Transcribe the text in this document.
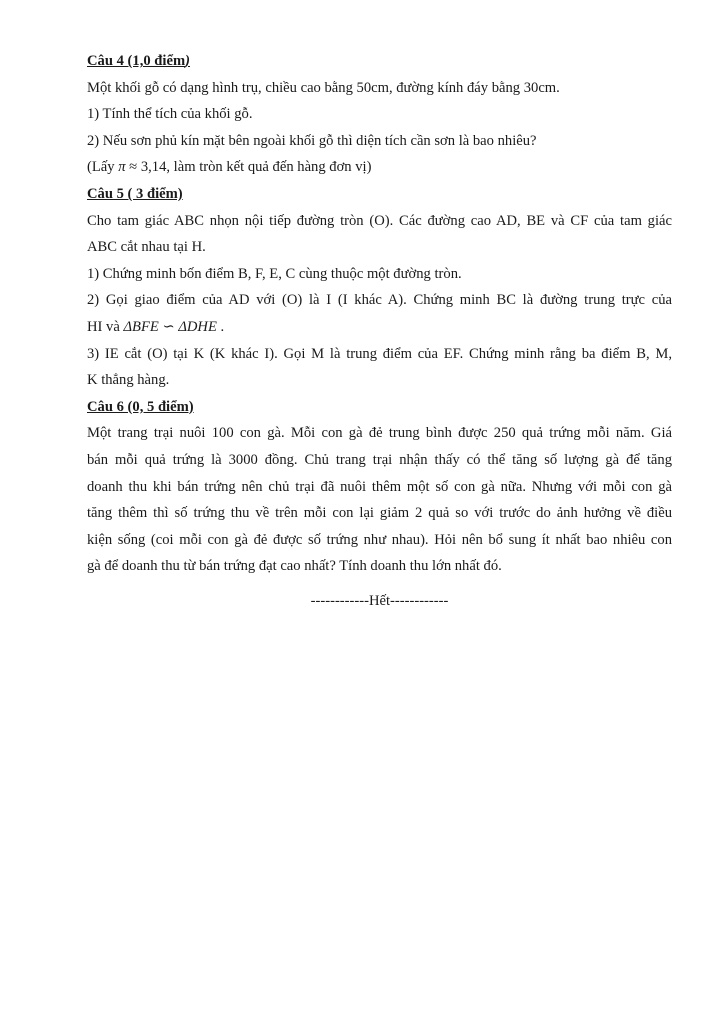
Câu 4 (1,0 điểm)
Một khối gỗ có dạng hình trụ, chiều cao bằng 50cm, đường kính đáy bằng 30cm.
1) Tính thể tích của khối gỗ.
2) Nếu sơn phủ kín mặt bên ngoài khối gỗ thì diện tích cần sơn là bao nhiêu?
(Lấy π ≈ 3,14, làm tròn kết quả đến hàng đơn vị)
Câu 5 ( 3 điểm)
Cho tam giác ABC nhọn nội tiếp đường tròn (O). Các đường cao AD, BE và CF của tam giác
ABC cắt nhau tại H.
1) Chứng minh bốn điểm B, F, E, C cùng thuộc một đường tròn.
2) Gọi giao điểm của AD với (O) là I (I khác A). Chứng minh BC là đường trung trực của
HI và ΔBFE ∽ ΔDHE .
3) IE cắt (O) tại K (K khác I). Gọi M là trung điểm của EF. Chứng minh rằng ba điểm B, M,
K thẳng hàng.
Câu 6 (0, 5 điểm)
Một trang trại nuôi 100 con gà. Mỗi con gà đẻ trung bình được 250 quả trứng mỗi năm. Giá
bán mỗi quả trứng là 3000 đồng. Chủ trang trại nhận thấy có thể tăng số lượng gà để tăng
doanh thu khi bán trứng nên chủ trại đã nuôi thêm một số con gà nữa. Nhưng với mỗi con gà
tăng thêm thì số trứng thu về trên mỗi con lại giảm 2 quả so với trước do ảnh hưởng về điều
kiện sống (coi mỗi con gà đẻ được số trứng như nhau). Hỏi nên bổ sung ít nhất bao nhiêu con
gà để doanh thu từ bán trứng đạt cao nhất? Tính doanh thu lớn nhất đó.
------------Hết------------
